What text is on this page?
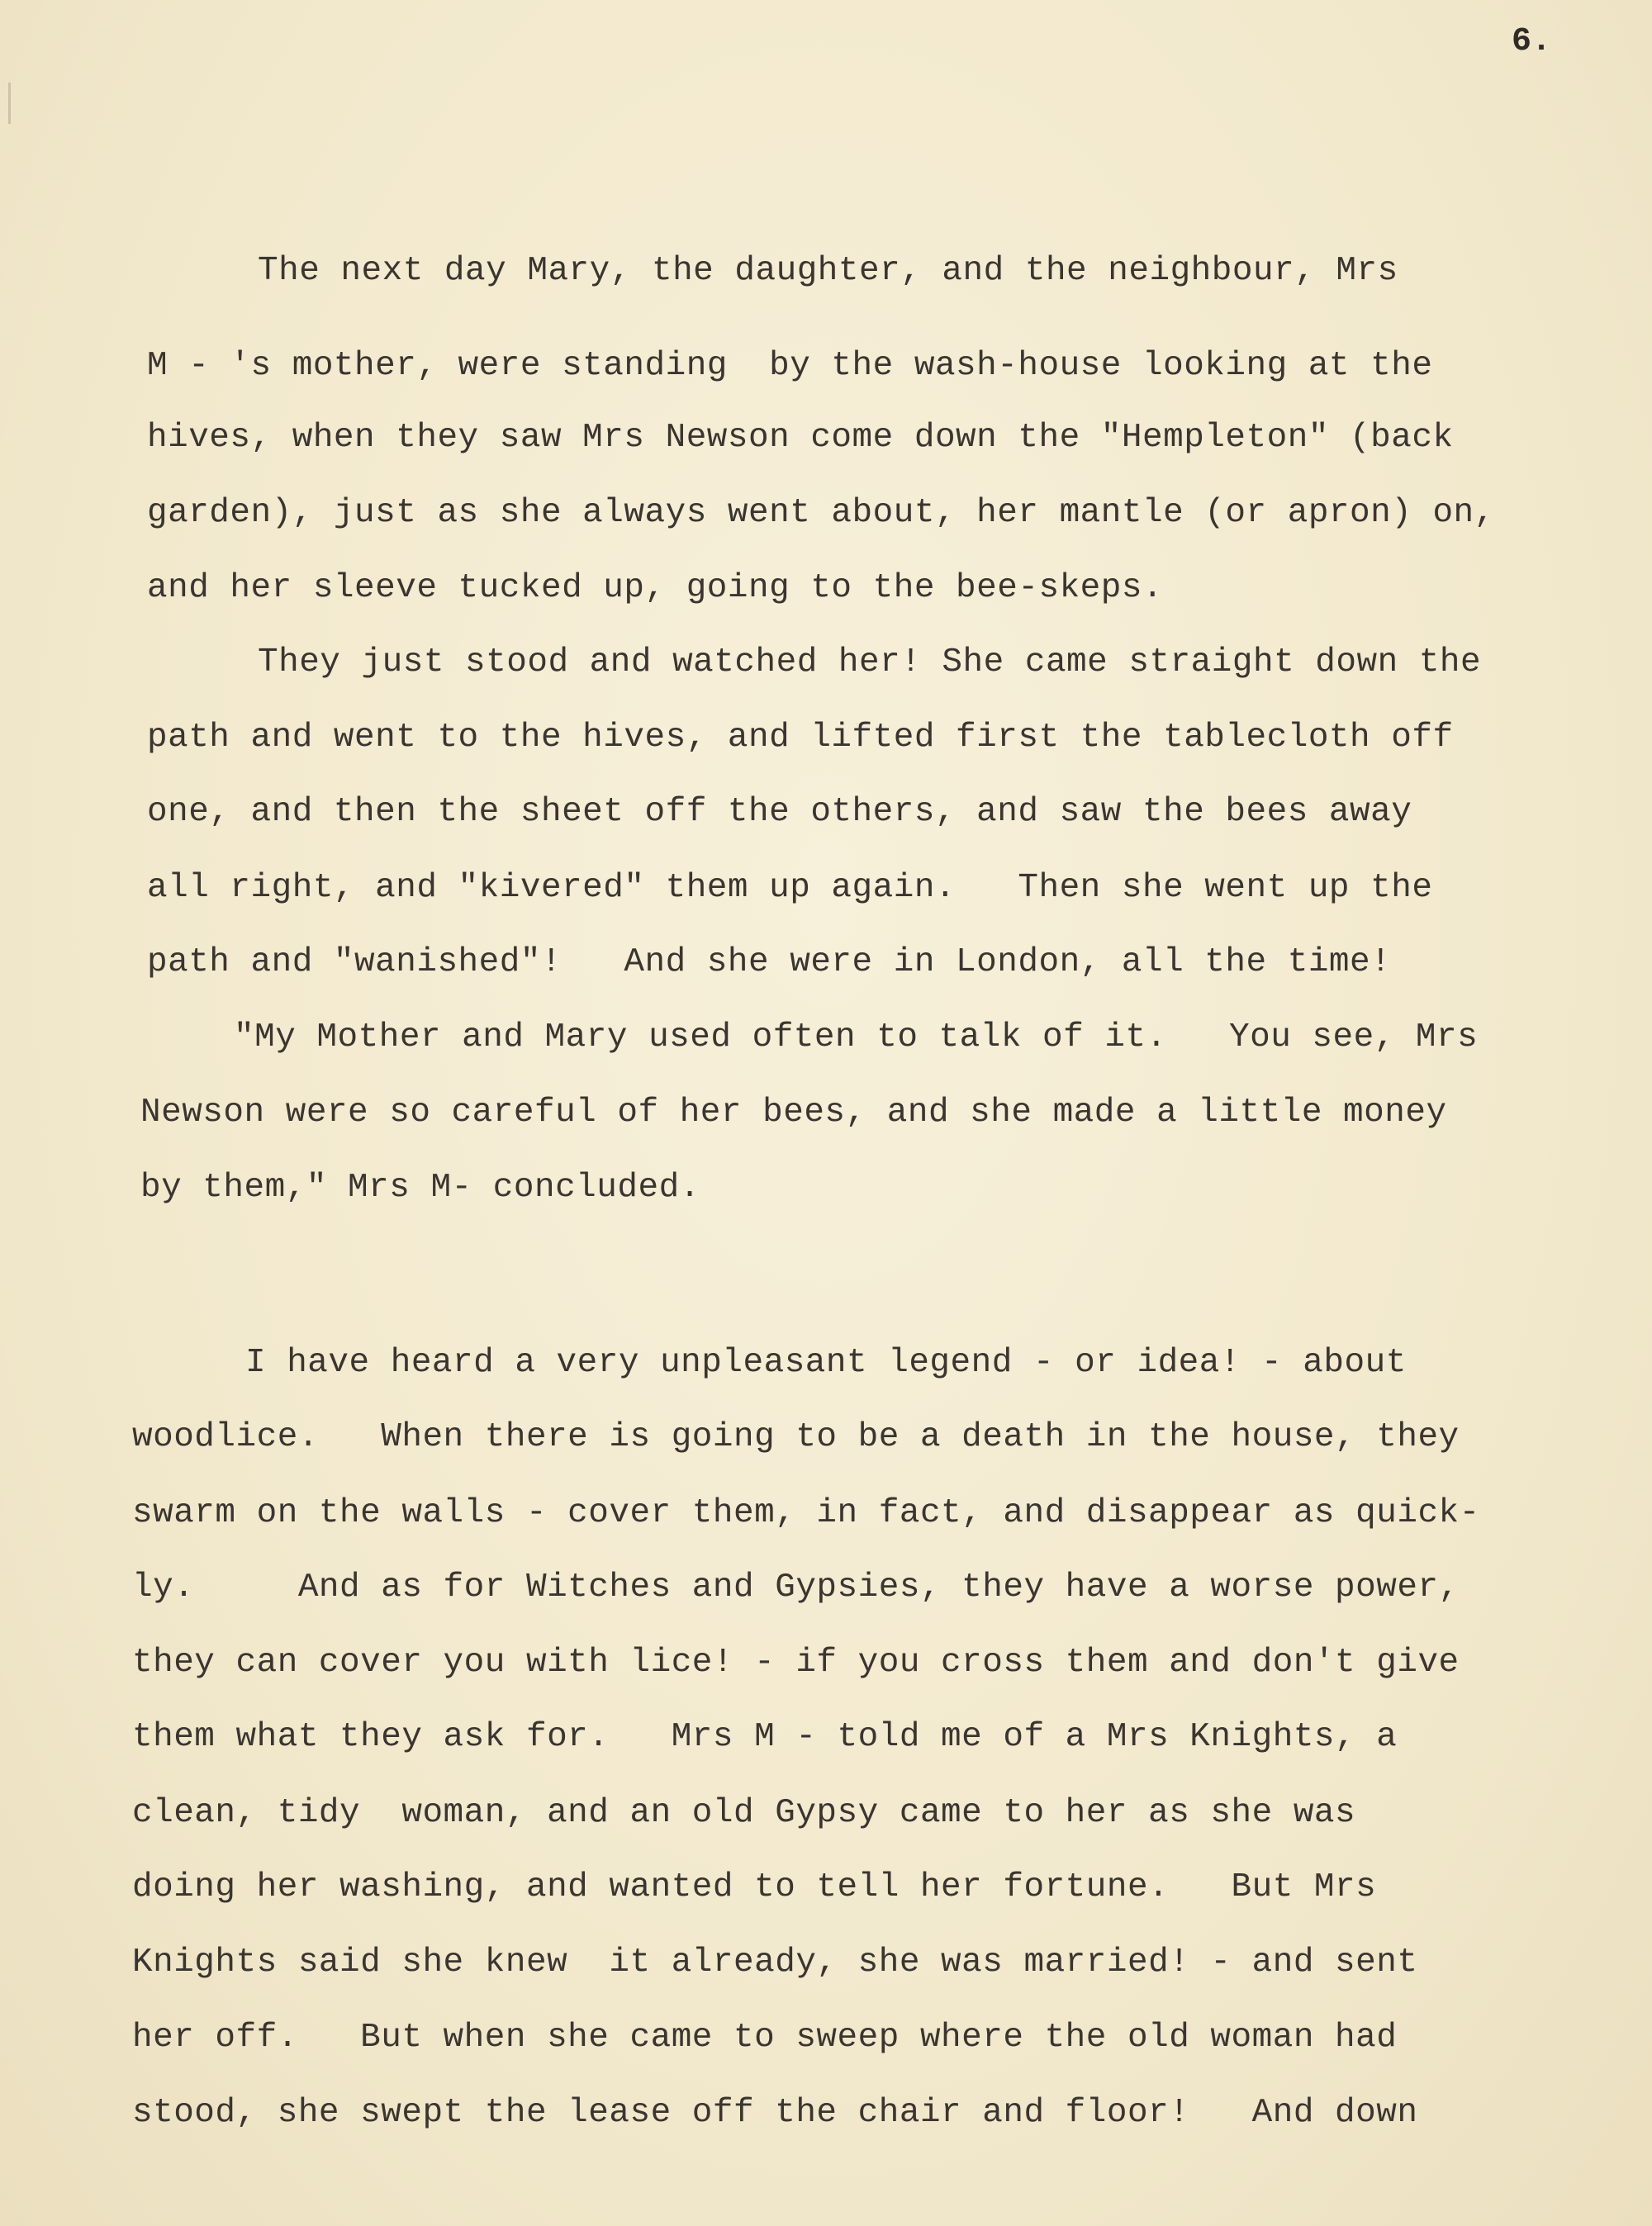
6.
The next day Mary, the daughter, and the neighbour, Mrs
M - 's mother, were standing  by the wash-house looking at the
hives, when they saw Mrs Newson come down the "Hempleton" (back
garden), just as she always went about, her mantle (or apron) on,
and her sleeve tucked up, going to the bee-skeps.
They just stood and watched her! She came straight down the
path and went to the hives, and lifted first the tablecloth off
one, and then the sheet off the others, and saw the bees away
all right, and "kivered" them up again.   Then she went up the
path and "wanished"!   And she were in London, all the time!
"My Mother and Mary used often to talk of it.   You see, Mrs
Newson were so careful of her bees, and she made a little money
by them," Mrs M- concluded.
I have heard a very unpleasant legend - or idea! - about
woodlice.   When there is going to be a death in the house, they
swarm on the walls - cover them, in fact, and disappear as quick-
ly.     And as for Witches and Gypsies, they have a worse power,
they can cover you with lice! - if you cross them and don't give
them what they ask for.   Mrs M - told me of a Mrs Knights, a
clean, tidy  woman, and an old Gypsy came to her as she was
doing her washing, and wanted to tell her fortune.   But Mrs
Knights said she knew  it already, she was married! - and sent
her off.   But when she came to sweep where the old woman had
stood, she swept the lease off the chair and floor!   And down
